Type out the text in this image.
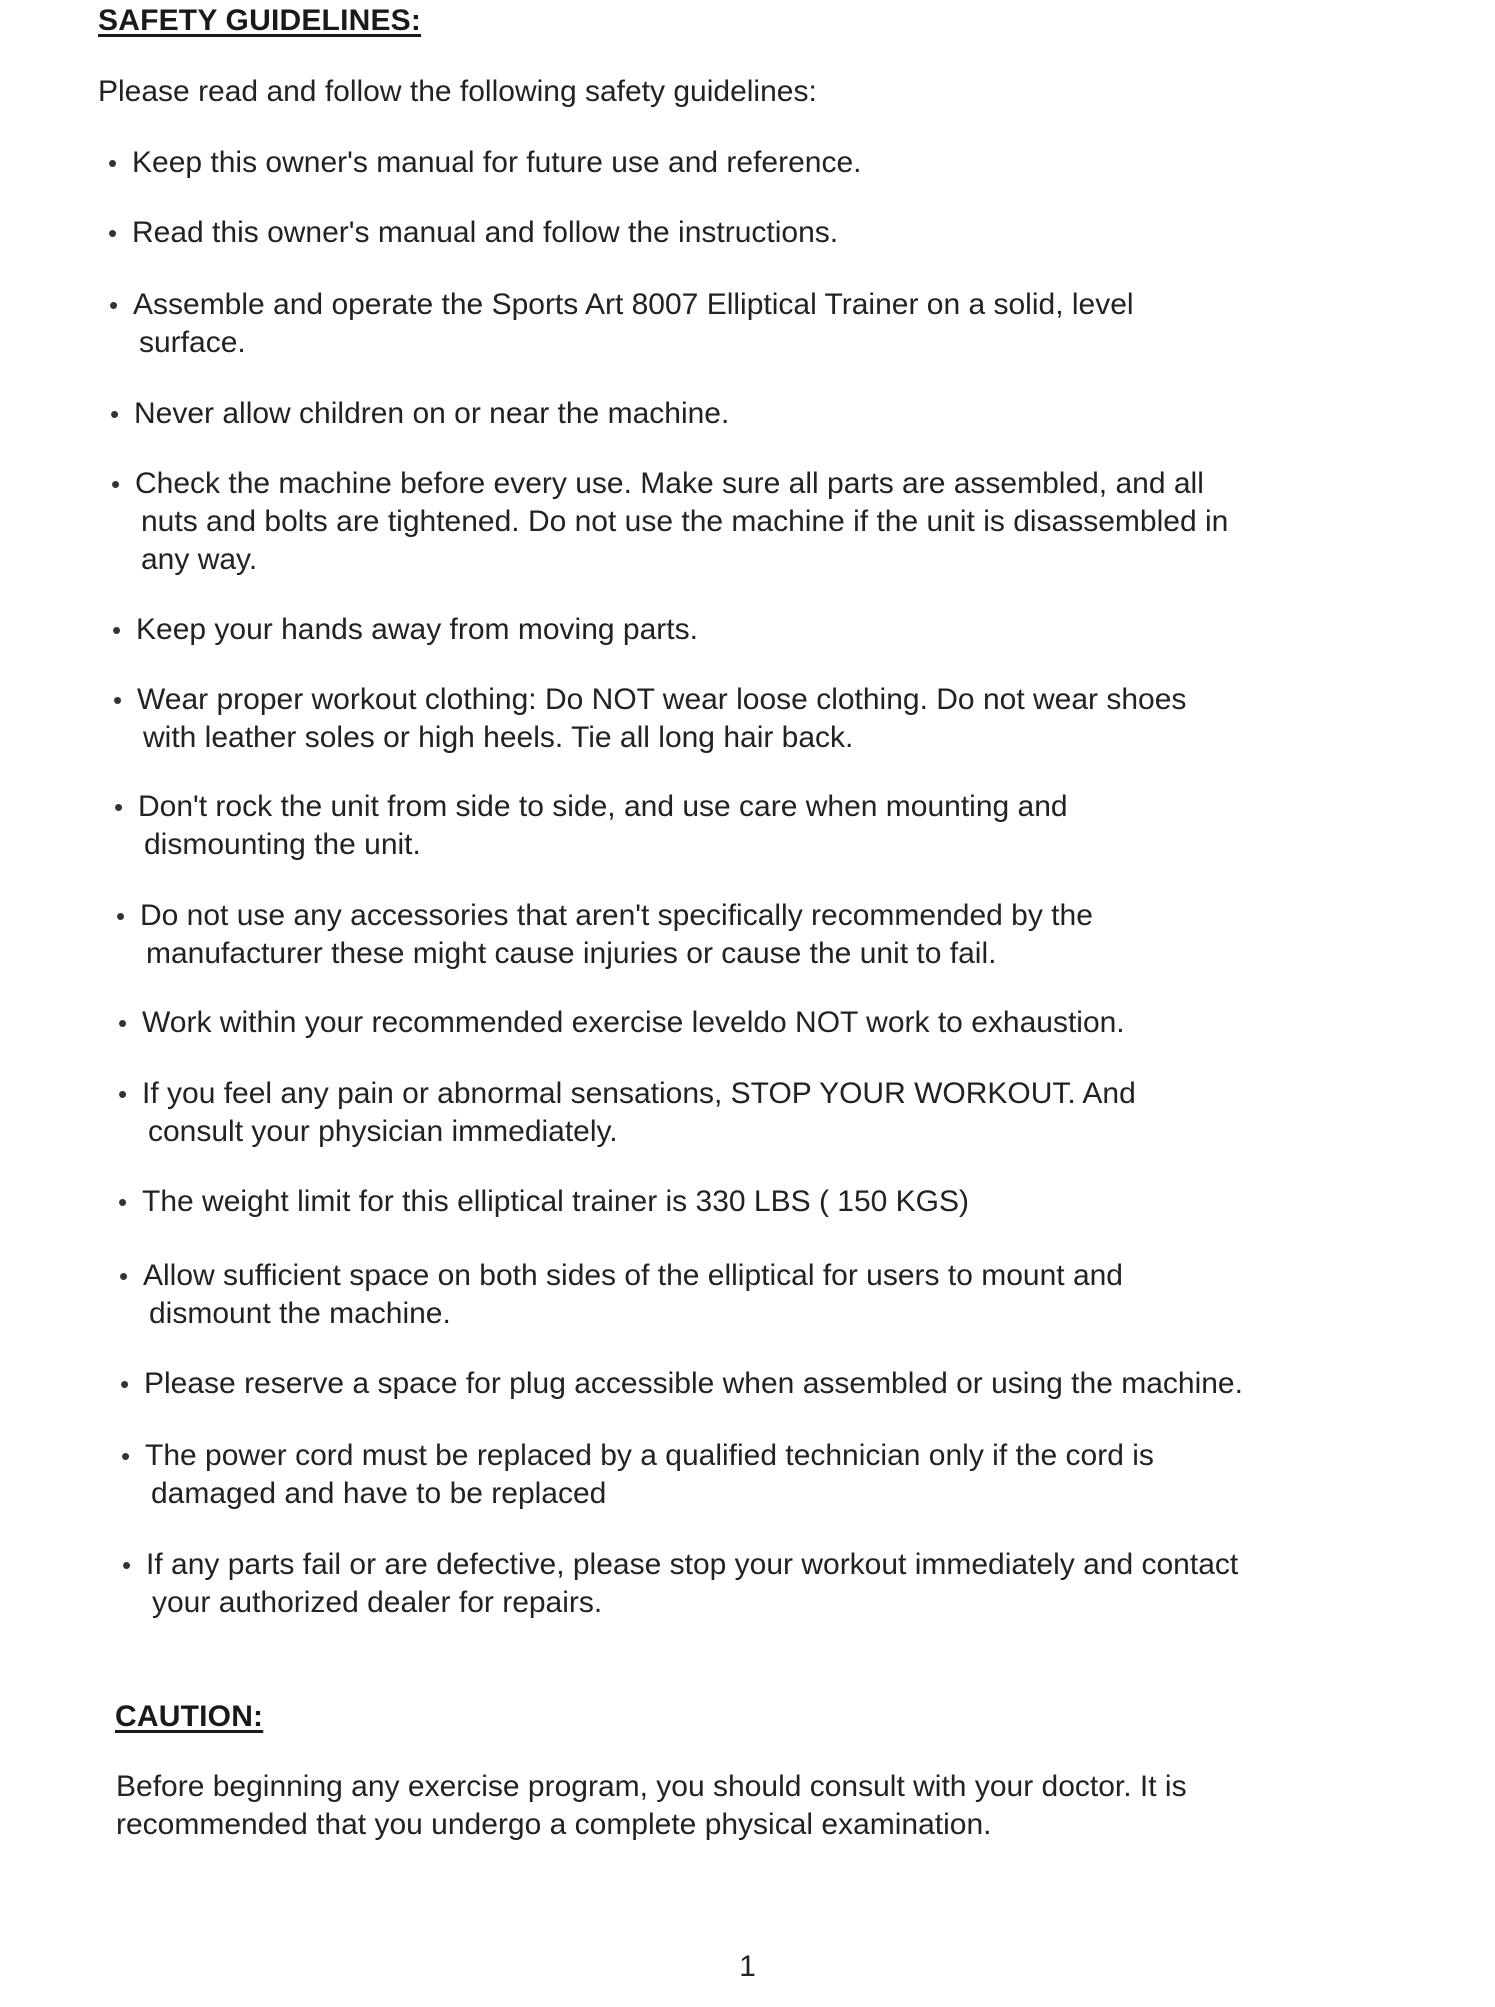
SAFETY GUIDELINES:
Please read and follow the following safety guidelines:
• Keep this owner's manual for future use and reference.
• Read this owner's manual and follow the instructions.
• Assemble and operate the Sports Art 8007 Elliptical Trainer on a solid, level
surface.
• Never allow children on or near the machine.
• Check the machine before every use. Make sure all parts are assembled, and all
nuts and bolts are tightened. Do not use the machine if the unit is disassembled in
any way.
• Keep your hands away from moving parts.
• Wear proper workout clothing: Do NOT wear loose clothing. Do not wear shoes
with leather soles or high heels. Tie all long hair back.
• Don't rock the unit from side to side, and use care when mounting and
dismounting the unit.
• Do not use any accessories that aren't specifically recommended by the
manufacturer these might cause injuries or cause the unit to fail.
• Work within your recommended exercise leveldo NOT work to exhaustion.
• If you feel any pain or abnormal sensations, STOP YOUR WORKOUT. And
consult your physician immediately.
• The weight limit for this elliptical trainer is 330 LBS ( 150 KGS)
• Allow sufficient space on both sides of the elliptical for users to mount and
dismount the machine.
• Please reserve a space for plug accessible when assembled or using the machine.
• The power cord must be replaced by a qualified technician only if the cord is
damaged and have to be replaced
• If any parts fail or are defective, please stop your workout immediately and contact
your authorized dealer for repairs.
CAUTION:
Before beginning any exercise program, you should consult with your doctor. It is
recommended that you undergo a complete physical examination.
1
